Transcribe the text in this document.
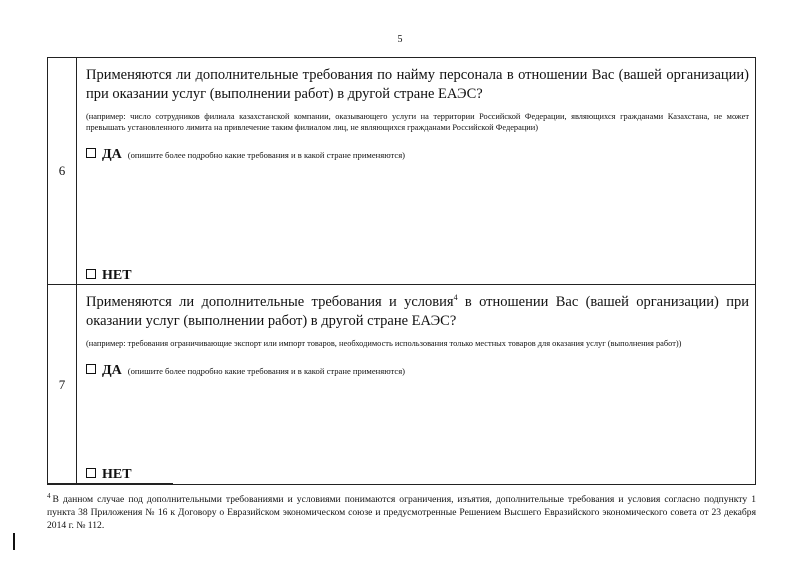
5
6	Применяются ли дополнительные требования по найму персонала в отношении Вас (вашей организации) при оказании услуг (выполнении работ) в другой стране ЕАЭС?

(например: число сотрудников филиала казахстанской компании, оказывающего услуги на территории Российской Федерации, являющихся гражданами Казахстана, не может превышать установленного лимита на привлечение таким филиалом лиц, не являющихся гражданами Российской Федерации)

ДА (опишите более подробно какие требования и в какой стране применяются)
НЕТ

7	Применяются ли дополнительные требования и условия$^4$ в отношении Вас (вашей организации) при оказании услуг (выполнении работ) в другой стране ЕАЭС?

(например: требования ограничивающие экспорт или импорт товаров, необходимость использования только местных товаров для оказания услуг (выполнения работ))

ДА (опишите более подробно какие требования и в какой стране применяются)
НЕТ
$^4$ В данном случае под дополнительными требованиями и условиями понимаются ограничения, изъятия, дополнительные требования и условия согласно подпункту 1 пункта 38 Приложения № 16 к Договору о Евразийском экономическом союзе и предусмотренные Решением Высшего Евразийского экономического совета от 23 декабря 2014 г. № 112.
